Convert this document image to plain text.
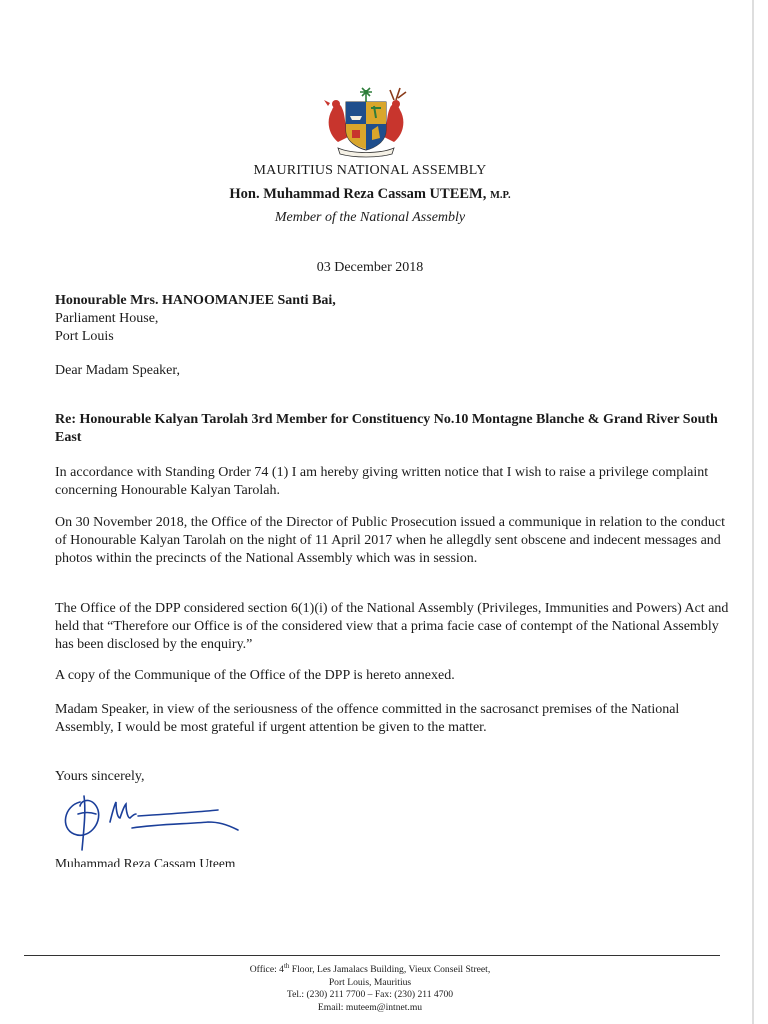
MAURITIUS NATIONAL ASSEMBLY
Hon. Muhammad Reza Cassam UTEEM, M.P.
Member of the National Assembly
03 December 2018
Honourable Mrs. HANOOMANJEE Santi Bai,
Parliament House,
Port Louis
Dear Madam Speaker,
Re: Honourable Kalyan Tarolah 3rd Member for Constituency No.10 Montagne Blanche & Grand River South East

In accordance with Standing Order 74 (1) I am hereby giving written notice that I wish to raise a privilege complaint concerning Honourable Kalyan Tarolah.

On 30 November 2018, the Office of the Director of Public Prosecution issued a communique in relation to the conduct of Honourable Kalyan Tarolah on the night of 11 April 2017 when he allegdly sent obscene and indecent messages and photos within the precincts of the National Assembly which was in session.

The Office of the DPP considered section 6(1)(i) of the National Assembly (Privileges, Immunities and Powers) Act and held that “Therefore our Office is of the considered view that a prima facie case of contempt of the National Assembly has been disclosed by the enquiry.”

A copy of the Communique of the Office of the DPP is hereto annexed.

Madam Speaker, in view of the seriousness of the offence committed in the sacrosanct premises of the National Assembly, I would be most grateful if urgent attention be given to the matter.

Yours sincerely,
Muhammad Reza Cassam Uteem
Office: 4th Floor, Les Jamalacs Building, Vieux Conseil Street,
Port Louis, Mauritius
Tel.: (230) 211 7700 – Fax: (230) 211 4700
Email: muteem@intnet.mu
